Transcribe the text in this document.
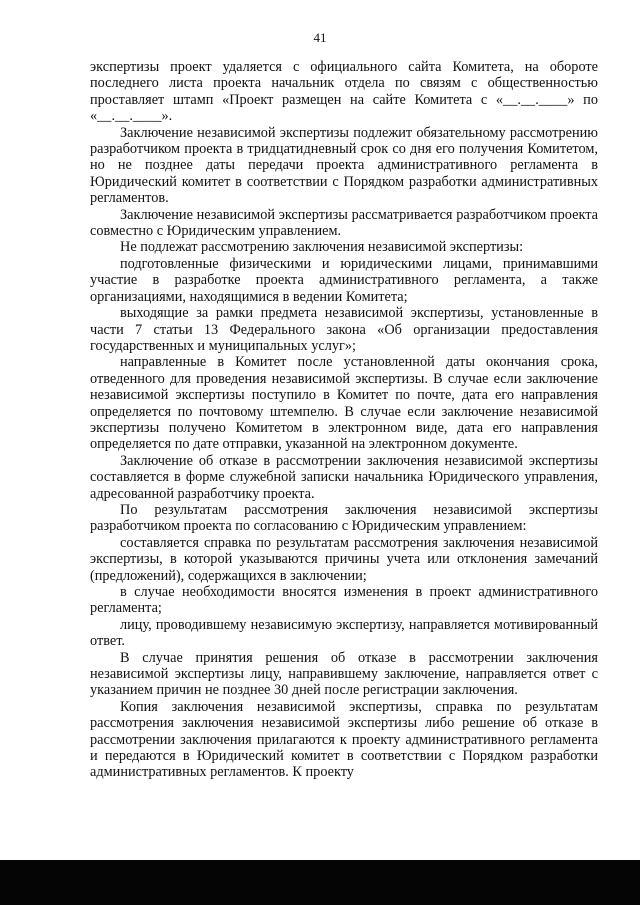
41

экспертизы проект удаляется с официального сайта Комитета, на обороте последнего листа проекта начальник отдела по связям с общественностью проставляет штамп «Проект размещен на сайте Комитета с «__.__.____» по «__.__.____».

Заключение независимой экспертизы подлежит обязательному рассмотрению разработчиком проекта в тридцатидневный срок со дня его получения Комитетом, но не позднее даты передачи проекта административного регламента в Юридический комитет в соответствии с Порядком разработки административных регламентов.

Заключение независимой экспертизы рассматривается разработчиком проекта совместно с Юридическим управлением.

Не подлежат рассмотрению заключения независимой экспертизы:

подготовленные физическими и юридическими лицами, принимавшими участие в разработке проекта административного регламента, а также организациями, находящимися в ведении Комитета;

выходящие за рамки предмета независимой экспертизы, установленные в части 7 статьи 13 Федерального закона «Об организации предоставления государственных и муниципальных услуг»;

направленные в Комитет после установленной даты окончания срока, отведенного для проведения независимой экспертизы. В случае если заключение независимой экспертизы поступило в Комитет по почте, дата его направления определяется по почтовому штемпелю. В случае если заключение независимой экспертизы получено Комитетом в электронном виде, дата его направления определяется по дате отправки, указанной на электронном документе.

Заключение об отказе в рассмотрении заключения независимой экспертизы составляется в форме служебной записки начальника Юридического управления, адресованной разработчику проекта.

По результатам рассмотрения заключения независимой экспертизы разработчиком проекта по согласованию с Юридическим управлением:

составляется справка по результатам рассмотрения заключения независимой экспертизы, в которой указываются причины учета или отклонения замечаний (предложений), содержащихся в заключении;

в случае необходимости вносятся изменения в проект административного регламента;

лицу, проводившему независимую экспертизу, направляется мотивированный ответ.

В случае принятия решения об отказе в рассмотрении заключения независимой экспертизы лицу, направившему заключение, направляется ответ с указанием причин не позднее 30 дней после регистрации заключения.

Копия заключения независимой экспертизы, справка по результатам рассмотрения заключения независимой экспертизы либо решение об отказе в рассмотрении заключения прилагаются к проекту административного регламента и передаются в Юридический комитет в соответствии с Порядком разработки административных регламентов. К проекту
